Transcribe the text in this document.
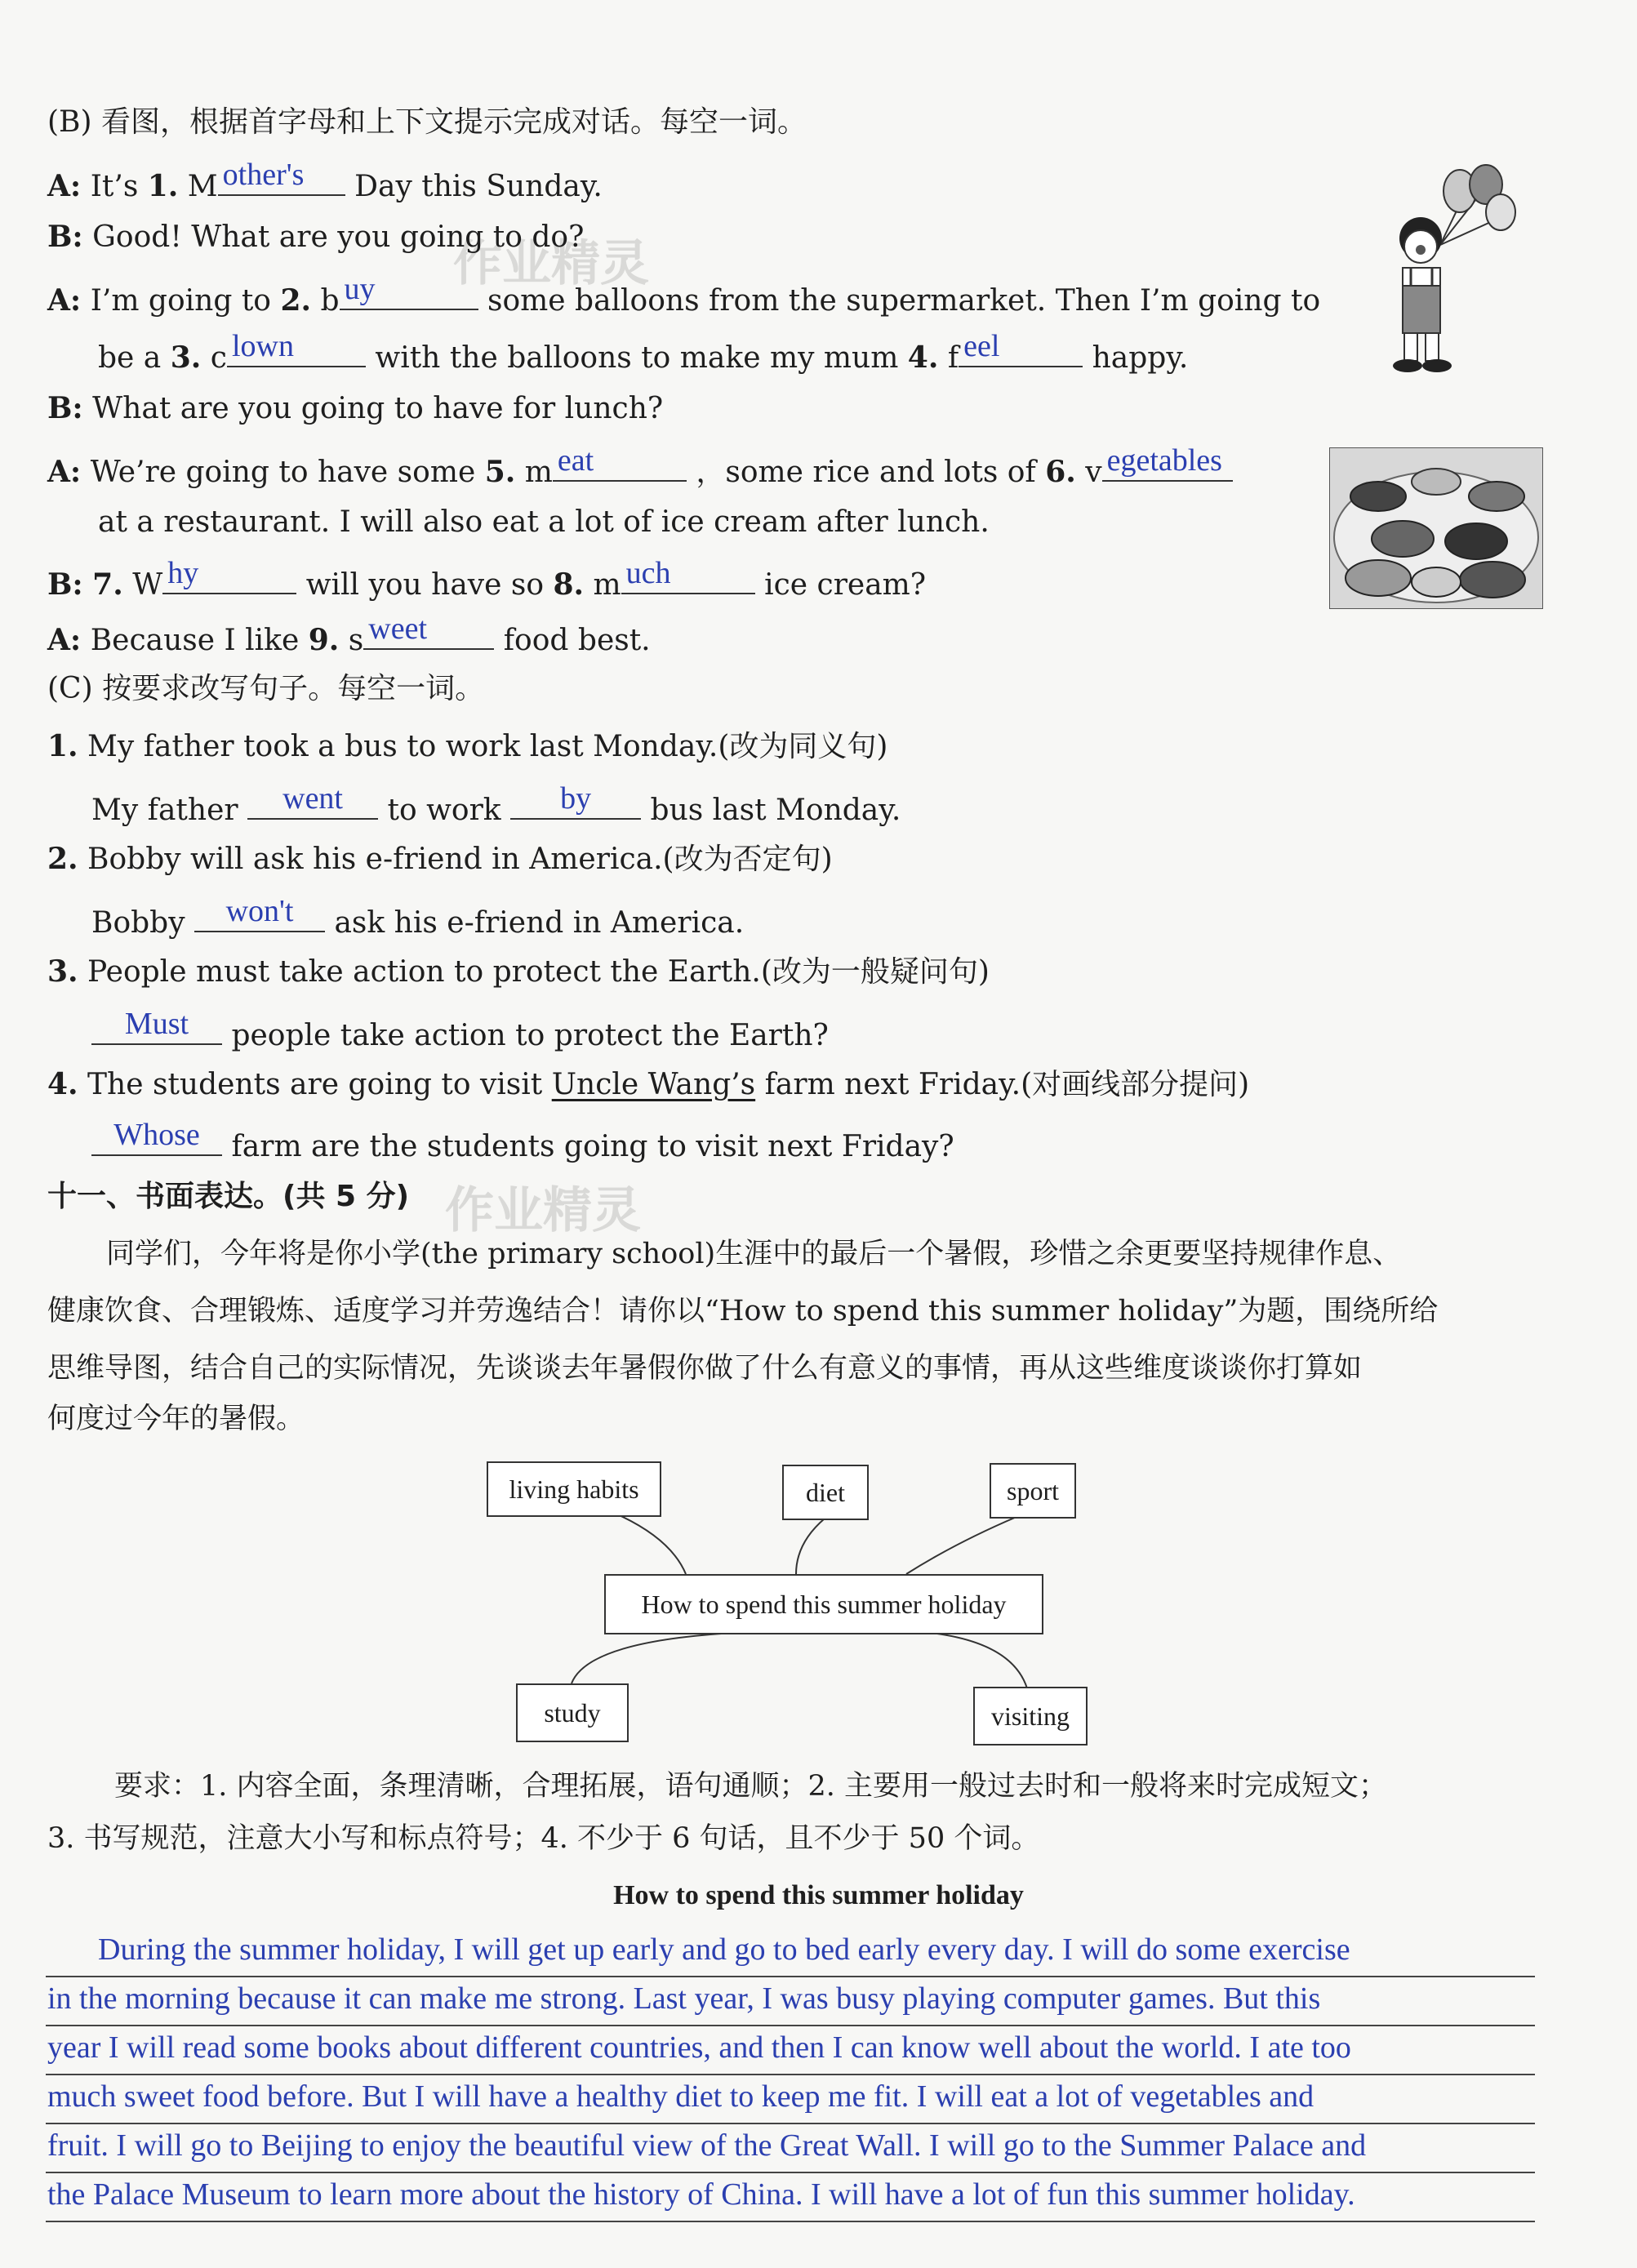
作业精灵
作业精灵
(B) 看图，根据首字母和上下文提示完成对话。每空一词。
A: It’s 1. M other's Day this Sunday.
B: Good! What are you going to do?
A: I’m going to 2. b uy	some balloons from the supermarket. Then I’m going to
be a 3. c lown	with the balloons to make my mum 4. f eel	happy.
B: What are you going to have for lunch?
A: We’re going to have some 5. m eat	，some rice and lots of 6. v egetables
at a restaurant. I will also eat a lot of ice cream after lunch.
B: 7. W hy	will you have so 8. m uch	ice cream?
A: Because I like 9. s weet	food best.
(C) 按要求改写句子。每空一词。
1. My father took a bus to work last Monday.(改为同义句)
My father	went	to work	by	bus last Monday.
2. Bobby will ask his e-friend in America.(改为否定句)
Bobby	won't	ask his e-friend in America.
3. People must take action to protect the Earth.(改为一般疑问句)
Must	people take action to protect the Earth?
4. The students are going to visit Uncle Wang’s farm next Friday.(对画线部分提问)
Whose	farm are the students going to visit next Friday?
十一、书面表达。(共 5 分)
同学们，今年将是你小学(the primary school)生涯中的最后一个暑假，珍惜之余更要坚持规律作息、
健康饮食、合理锻炼、适度学习并劳逸结合！请你以“How to spend this summer holiday”为题，围绕所给
思维导图，结合自己的实际情况，先谈谈去年暑假你做了什么有意义的事情，再从这些维度谈谈你打算如
何度过今年的暑假。
living habits	diet	sport
How to spend this summer holiday
study	visiting
要求：1. 内容全面，条理清晰，合理拓展，语句通顺；2. 主要用一般过去时和一般将来时完成短文；
3. 书写规范，注意大小写和标点符号；4. 不少于 6 句话，且不少于 50 个词。
How to spend this summer holiday
During the summer holiday, I will get up early and go to bed early every day. I will do some exercise
in the morning because it can make me strong. Last year, I was busy playing computer games. But this
year I will read some books about different countries, and then I can know well about the world. I ate too
much sweet food before. But I will have a healthy diet to keep me fit. I will eat a lot of vegetables and
fruit. I will go to Beijing to enjoy the beautiful view of the Great Wall. I will go to the Summer Palace and
the Palace Museum to learn more about the history of China. I will have a lot of fun this summer holiday.
